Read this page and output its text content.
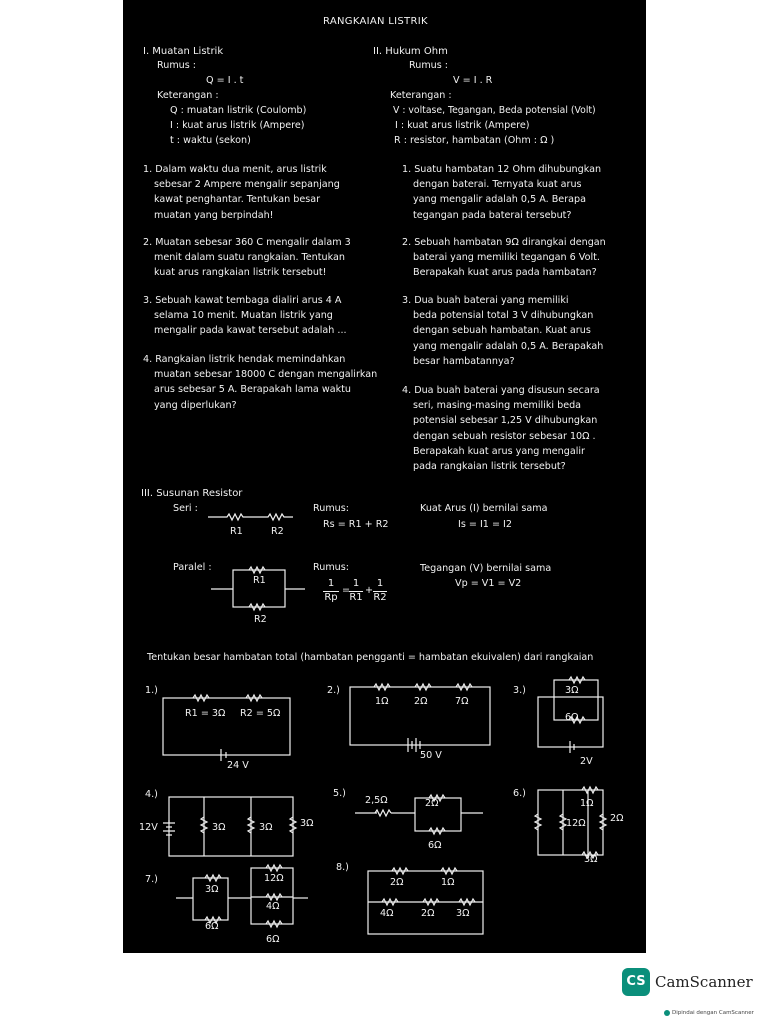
RANGKAIAN LISTRIK
I. Muatan Listrik
Rumus :
Q = I . t
Keterangan :
Q : muatan listrik (Coulomb)
I : kuat arus listrik (Ampere)
t : waktu (sekon)
1. Dalam waktu dua menit, arus listrik
sebesar 2 Ampere mengalir sepanjang
kawat penghantar. Tentukan besar
muatan yang berpindah!
2. Muatan sebesar 360 C mengalir dalam 3
menit dalam suatu rangkaian. Tentukan
kuat arus rangkaian listrik tersebut!
3. Sebuah kawat tembaga dialiri arus 4 A
selama 10 menit. Muatan listrik yang
mengalir pada kawat tersebut adalah ...
4. Rangkaian listrik hendak memindahkan
muatan sebesar 18000 C dengan mengalirkan
arus sebesar 5 A. Berapakah lama waktu
yang diperlukan?
II. Hukum Ohm
Rumus :
V = I . R
Keterangan :
V : voltase, Tegangan, Beda potensial (Volt)
I : kuat arus listrik (Ampere)
R : resistor, hambatan (Ohm : Ω )
1. Suatu hambatan 12 Ohm dihubungkan
dengan baterai. Ternyata kuat arus
yang mengalir adalah 0,5 A. Berapa
tegangan pada baterai tersebut?
2. Sebuah hambatan 9Ω dirangkai dengan
baterai yang memiliki tegangan 6 Volt.
Berapakah kuat arus pada hambatan?
3. Dua buah baterai yang memiliki
beda potensial total 3 V dihubungkan
dengan sebuah hambatan. Kuat arus
yang mengalir adalah 0,5 A. Berapakah
besar hambatannya?
4. Dua buah baterai yang disusun secara
seri, masing-masing memiliki beda
potensial sebesar 1,25 V dihubungkan
dengan sebuah resistor sebesar 10Ω .
Berapakah kuat arus yang mengalir
pada rangkaian listrik tersebut?
III. Susunan Resistor
Seri :	Rumus:
Rs = R1 + R2
Kuat Arus (I) bernilai sama
Is = I1 = I2
R1	R2
Paralel :	Rumus:	Tegangan (V) bernilai sama
Vp = V1 = V2
R1
R2
$\frac{1}{Rp}$ =
$\frac{1}{R1} + \frac{1}{R2}$
Tentukan besar hambatan total (hambatan pengganti = hambatan ekuivalen) dari rangkaian
1.)
R1 = 3Ω R2 = 5Ω
24 V
2.)
1Ω	2Ω	7Ω
50 V
3.)	3Ω
6Ω
2V
4.)
12V	3Ω	3Ω	3Ω
5.)
2,5Ω	2Ω
6Ω
6.)
1Ω
12Ω	2Ω
3Ω
7.)
3Ω
6Ω
12Ω
4Ω
6Ω
8.)
2Ω	1Ω
4Ω	2Ω 3Ω
CS CamScanner
Dipindai dengan CamScanner
